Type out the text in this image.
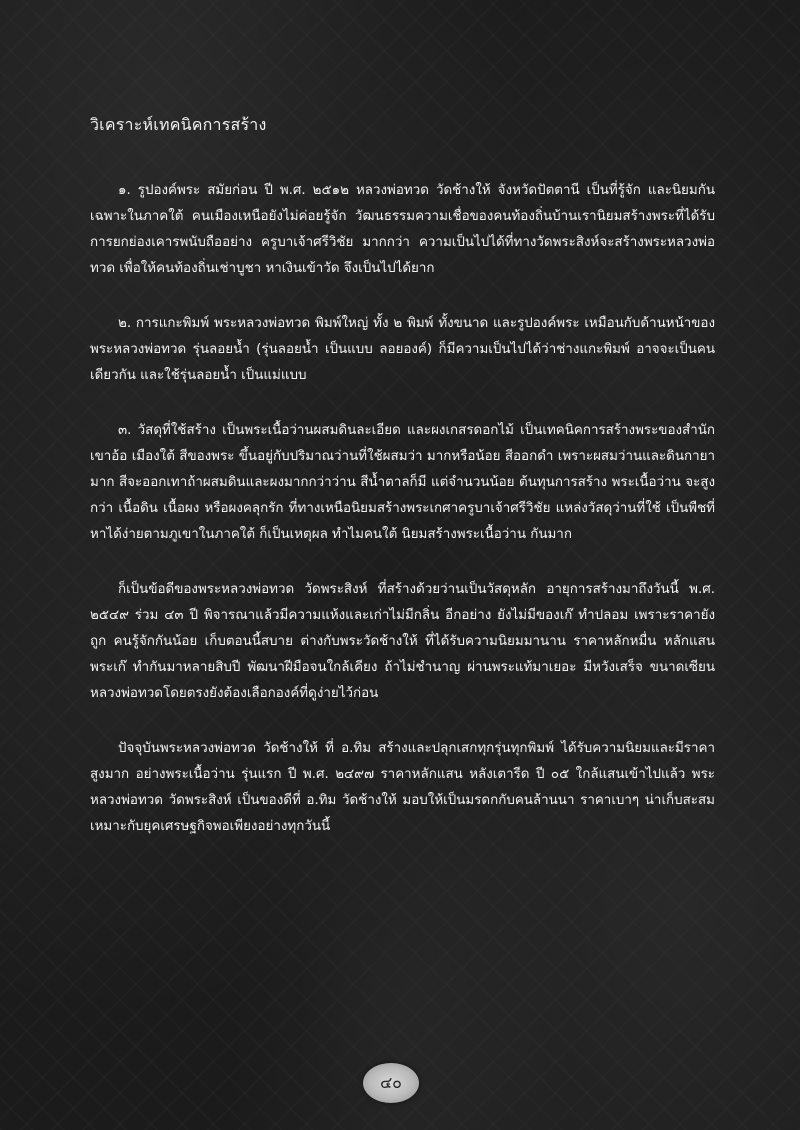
วิเคราะห์เทคนิคการสร้าง

๑. รูปองค์พระ สมัยก่อน ปี พ.ศ. ๒๕๑๒ หลวงพ่อทวด วัดช้างให้ จังหวัดปัตตานี เป็นที่รู้จัก และนิยมกันเฉพาะในภาคใต้ คนเมืองเหนือยังไม่ค่อยรู้จัก วัฒนธรรมความเชื่อของคนท้องถิ่นบ้านเรานิยมสร้างพระที่ได้รับการยกย่องเคารพนับถืออย่าง ครูบาเจ้าศรีวิชัย มากกว่า ความเป็นไปได้ที่ทางวัดพระสิงห์จะสร้างพระหลวงพ่อทวด เพื่อให้คนท้องถิ่นเช่าบูชา หาเงินเข้าวัด จึงเป็นไปได้ยาก

๒. การแกะพิมพ์ พระหลวงพ่อทวด พิมพ์ใหญ่ ทั้ง ๒ พิมพ์ ทั้งขนาด และรูปองค์พระ เหมือนกับด้านหน้าของ พระหลวงพ่อทวด รุ่นลอยน้ำ (รุ่นลอยน้ำ เป็นแบบ ลอยองค์) ก็มีความเป็นไปได้ว่าช่างแกะพิมพ์ อาจจะเป็นคนเดียวกัน และใช้รุ่นลอยน้ำ เป็นแม่แบบ

๓. วัสดุที่ใช้สร้าง เป็นพระเนื้อว่านผสมดินละเอียด และผงเกสรดอกไม้ เป็นเทคนิคการสร้างพระของสำนักเขาอ้อ เมืองใต้ สีของพระ ขึ้นอยู่กับปริมาณว่านที่ใช้ผสมว่า มากหรือน้อย สีออกดำ เพราะผสมว่านและดินกายามาก สีจะออกเทาถ้าผสมดินและผงมากกว่าว่าน สีน้ำตาลก็มี แต่จำนวนน้อย ต้นทุนการสร้าง พระเนื้อว่าน จะสูงกว่า เนื้อดิน เนื้อผง หรือผงคลุกรัก ที่ทางเหนือนิยมสร้างพระเกศาครูบาเจ้าศรีวิชัย แหล่งวัสดุว่านที่ใช้ เป็นพืชที่หาได้ง่ายตามภูเขาในภาคใต้ ก็เป็นเหตุผล ทำไมคนใต้ นิยมสร้างพระเนื้อว่าน กันมาก

ก็เป็นข้อดีของพระหลวงพ่อทวด วัดพระสิงห์ ที่สร้างด้วยว่านเป็นวัสดุหลัก อายุการสร้างมาถึงวันนี้ พ.ศ. ๒๕๔๙ ร่วม ๔๓ ปี พิจารณาแล้วมีความแห้งและเก่าไม่มีกลิ่น อีกอย่าง ยังไม่มีของเก๊ ทำปลอม เพราะราคายังถูก คนรู้จักกันน้อย เก็บตอนนี้สบาย ต่างกับพระวัดช้างให้ ที่ได้รับความนิยมมานาน ราคาหลักหมื่น หลักแสน พระเก๊ ทำกันมาหลายสิบปี พัฒนาฝีมือจนใกล้เคียง ถ้าไม่ชำนาญ ผ่านพระแท้มาเยอะ มีหวังเสร็จ ขนาดเซียนหลวงพ่อทวดโดยตรงยังต้องเลือกองค์ที่ดูง่ายไว้ก่อน

ปัจจุบันพระหลวงพ่อทวด วัดช้างให้ ที่ อ.ทิม สร้างและปลุกเสกทุกรุ่นทุกพิมพ์ ได้รับความนิยมและมีราคาสูงมาก อย่างพระเนื้อว่าน รุ่นแรก ปี พ.ศ. ๒๔๙๗ ราคาหลักแสน หลังเตารีด ปี ๐๕ ใกล้แสนเข้าไปแล้ว พระหลวงพ่อทวด วัดพระสิงห์ เป็นของดีที่ อ.ทิม วัดช้างให้ มอบให้เป็นมรดกกับคนล้านนา ราคาเบาๆ น่าเก็บสะสม เหมาะกับยุคเศรษฐกิจพอเพียงอย่างทุกวันนี้

๔๐
